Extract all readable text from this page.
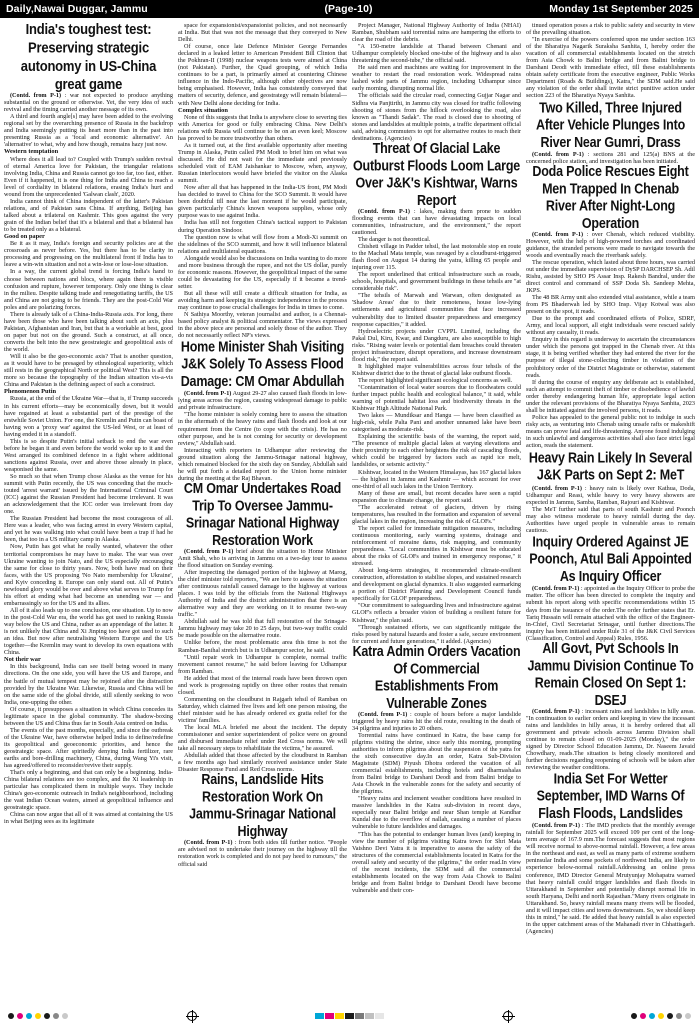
Daily,Nawai Duggar, Jammu	(Page-10)	Monday 1st September 2025
India's toughest test: Preserving strategic autonomy in US-China great game

(Contd. from P-1) : war not expected to produce anything substantial on the ground or otherwise. Yet, the very idea of such revival and the timing carried another message of its own.

A third and fourth angle[s] may have been added to the evolving regional set by the overarching presence of Russia in the backdrop and India seemingly putting its heart more than in the past into presenting Russia as a 'focal and economic alternative'. An 'alternative' to what, why and how though, remains hazy just now.

Western temptation

Where does it all lead to? Coupled with Trump's sudden revival of eternal America love for Pakistan, the triangular relations involving India, China and Russia cannot go too far, too fast, either. Even if it happened, it is one thing for India and China to reach a level of cordiality in bilateral relations, erasing India's hurt and wound from the unprecedented 'Galwan clash', 2020.

India cannot think of China independent of the latter's Pakistan relations, and of Pakistan sans China. If anything, Beijing has talked about a trilateral on Kashmir. This goes against the very grain of the Indian belief that it's a bilateral and that a bilateral has to be treated only as a bilateral.

Good on paper

Be it as it may, India's foreign and security policies are at the crossroads as never before. Yes, but there has to be clarity in processing and progressing on the multilateral front if India has to leave a win-win situation and not a win-lose or lose-lose situation.

In a way, the current global trend is forcing India's hand to choose between nations and blocs, where again there is visible confusion and rupture, however temporary. Only one thing is clear in the milieu. Despite talking trade and renegotiating tariffs, the US and China are not going to be friends. They are the post-Cold War poles and are polarizing forces.

There is already talk of a China-India-Russia axis. For long, there have been those who have been talking about such an axis, plus Pakistan, Afghanistan and Iran, but that is a workable at best, good on paper but not on the ground. Such a construct, at all once, converts the belt into the new geostrategic and geopolitical axis of the world.

Will it also be the geo-economic axis? That is another question, as it would have to be presaged by ethnological superiority, which still rests in the geographical North or political West? This is all the more so because the topography of the Indian situation vis-a-vis China and Pakistan is the defining aspect of such a construct.

Phenomenon Putin

Russia, at the end of the Ukraine War—that is, if Trump succeeds in his current efforts—may be economically down, but it would have regained at least a substantial part of the prestige of the erstwhile Soviet Union. For one, the Kremlin and Putin can boast of having won a 'proxy war' against the US-led West, or at least of having ended it in a standoff.

This is so despite Putin's initial setback to end the war even before he began it and even before the world woke up to it and the West arranged its combined defence in a fight where additional sanctions against Russia, over and above those already in place, weaponised the same.

So much so that when Trump chose Alaska as the venue for his summit with Putin recently, the US was conceding that the much-touted 'arrest warrant' issued by the International Criminal Court (ICC) against the Russian President had become irrelevant. It was an acknowledgement that the ICC order was irrelevant from day one.

The Russian President had become the most courageous of all. Here was a leader, who was facing arrest in every Western capital, and yet he was walking into what could have been a trap if had he been, that too in a US military camp in Alaska.

Now, Putin has got what he really wanted, whatever the other territorial compromises he may have to make. The war was over Ukraine wanting to join Nato, and the US especially encouraging the same for close to thirty years. Now, both have read on their faces, with the US proposing 'No Nato membership for Ukraine', and Kyiv conceding it. Europe can only stand out. All of Putin's newfound glory would be over and above what serves to Trump for his effort at ending what had become an unending war — and embarrassingly so for the US and its allies.

All of it also leads up to one conclusion, one situation. Up to now in the post-Cold War era, the world has got used to ranking Russia way below the US and China, rather as an appendage of the latter. It is not unlikely that China and Xi Jinping too have got used to such an idea. But now after neutralising Western Europe and the US together—the Kremlin may want to develop its own equations with China.

Not their war

In this background, India can see itself being wooed in many directions. On the one side, you will have the US and Europe, and the battle of mutual tempest may be rejoined after the distraction provided by the Ukraine War. Likewise, Russia and China will be on the same side of the global divide, still silently seeking to woo India, one-upping the other.

Of course, it presupposes a situation in which China concedes its legitimate space in the global community. The shadow-boxing between the US and China thus far in South Asia centred on India.

The events of the past months, especially, and since the outbreak of the Ukraine War, have otherwise helped India to define/redefine its geopolitical and geoeconomic priorities, and hence the geostrategic space. After spiritedly denying India fertilizer, rare earths and bore-drilling machinery, China, during Wang Yi's visit, has agreed/offered to reconsider/revive their supply.

That's only a beginning, and that can only be a beginning. India-China bilateral relations are too complex, and the Xi leadership in particular has complicated them in multiple ways. They include China's geo-economic outreach in India's neighbourhood, including the vast Indian Ocean waters, aimed at geopolitical influence and geostrategic space.

China can now argue that all of it was aimed at containing the US in what Beijing sees as its legitimate

space for expansionist/expansionist policies, and not necessarily at India. But that was not the message that they conveyed to New Delhi.

Of course, once late Defence Minister George Fernandes declared in a leaked letter to American President Bill Clinton that the Pokhran-II (1998) nuclear weapons tests were aimed at China (not Pakistan). Further, the Quad grouping, of which India continues to be a part, is primarily aimed at countering Chinese influence in the Indo-Pacific, although other objectives are now being emphasised. However, India has consistently conveyed that matters of security, defence, and geostrategy will remain bilateral—with New Delhi alone deciding for India.

Complex situation

None of this suggests that India is anywhere close to severing ties with America for good or fully embracing China. New Delhi's relations with Russia will continue to be on an even keel; Moscow has proved to be more trustworthy than others.

As it turned out, at the first available opportunity after meeting Trump in Alaska, Putin called PM Modi to brief him on what was discussed. He did not wait for the immediate and previously scheduled visit of EAM Jaishankar to Moscow, when, anyway, Russian interlocutors would have briefed the visitor on the Alaska summit.

Now after all that has happened in the India-US front, PM Modi has decided to travel to China for the SCO Summit. It would have been doubtful till near the last moment if he would participate, given particularly China's known weapons supplies, whose only purpose was to use against India.

India has still not forgotten China's tactical support to Pakistan during Operation Sindoor.

The question now is what will flow from a Modi-Xi summit on the sidelines of the SCO summit, and how it will influence bilateral relations and multilateral equations.

Alongside would also be discussions on India wanting to do more and more business through the rupee, and not the US dollar, purely for economic reasons. However, the geopolitical impact of the same could be devastating for the US, especially if it became a trend-setter.

But all these will still create a difficult situation for India, as avoiding harm and keeping its strategic independence in the process may continue to pose crucial challenges for India in times to come.

N Sathiya Moorthy, veteran journalist and author, is a Chennai-based policy analyst & political commentator. The views expressed in the above piece are personal and solely those of the author. They do not necessarily reflect NP's views.

Home Minister Shah Visiting J&K Solely To Assess Flood Damage: CM Omar Abdullah

(Contd. from P-1) August 29-27 also caused flash floods in low-lying areas across the region, causing widespread damage to public and private infrastructure.

"The home minister is solely coming here to assess the situation in the aftermath of the heavy rains and flash floods and look at our requirement from the Centre (to cope with the crisis). He has no other purpose, and he is not coming for security or development review," Abdullah said.

Interacting with reporters in Udhampur after reviewing the ground situation along the Jammu-Srinagar national highway, which remained blocked for the sixth day on Sunday, Abdullah said he will put forth a detailed report to the Union home minister during the meeting at the Raj Bhavan.

CM Omar Undertakes Road Trip To Oversee Jammu-Srinagar National Highway Restoration Work

(Contd. from P-1) brief about the situation to Home Minister Amit Shah, who is arriving in Jammu on a two-day tour to assess the flood situation on Sunday evening.

After inspecting the damaged portion of the highway at Marog, the chief minister told reporters, "We are here to assess the situation after continuous rainfall caused damage to the highway at various places. I was told by the officials from the National Highways Authority of India and the district administration that there is an alternative way and they are working on it to resume two-way traffic."

Abdullah said he was told that full restoration of the Srinagar-Jammu highway may take 20 to 25 days, but two-way traffic could be made possible on the alternative route.

Unlike before, the most problematic area this time is not the Ramban-Banihal stretch but is in Udhampur sector, he said.

"Until repair work in Udhampur is complete, normal traffic movement cannot resume," he said before leaving for Udhampur from Ramban.

He added that most of the internal roads have been thrown open and work is progressing rapidly on three other routes that remain closed.

Commenting on the cloudburst in Rajgarh tehsil of Ramban on Saturday, which claimed five lives and left one person missing, the chief minister said he has already ordered ex gratia relief for the victims' families.

The local MLA briefed me about the incident. The deputy commissioner and senior superintendent of police were on ground and disbursed immediate relief under Red Cross norms. We will take all necessary steps to rehabilitate the victims," he assured.

Abdullah added that those affected by the cloudburst in Ramban a few months ago had similarly received assistance under State Disaster Response Fund and Red Cross norms.

Rains, Landslide Hits Restoration Work On Jammu-Srinagar National Highway

(Contd. from P-1) : from both sides till further notice. "People are advised not to undertake their journey on the highway till the restoration work is completed and do not pay heed to rumours," the official said

Project Manager, National Highway Authority of India (NHAI) Ramban, Shubham said torrential rains are hampering the efforts to clear the road of the debris.

"A 150-metre landslide at Tharad between Chenani and Udhampur completely blocked one-tube of the highway and is also threatening the second-tube," the official said.

He said men and machines are waiting for improvement in the weather to restart the road restoration work. Widespread rains lashed wide parts of Jammu region, including Udhampur since early morning, disrupting normal life.

The officials said the circular road, connecting Gujjar Nagar and Sidhra via Panjtirthi, in Jammu city was closed for traffic following shooting of stones from the hillock overlooking the road, also known as "Thandi Sadak". The road is closed due to shooting of stones and landslides at multiple points, a traffic department official said, advising commuters to opt for alternative routes to reach their destinations. (Agencies)

Threat Of Glacial Lake Outburst Floods Loom Large Over J&K's Kishtwar, Warns Report

(Contd. from P-1) : lakes, making them prone to sudden flooding events that can have devastating impacts on local communities, infrastructure, and the environment," the report cautioned.

The danger is not theoretical.

Chisheti village in Padder tehsil, the last motorable stop en route to the Machail Mata temple, was ravaged by a cloudburst-triggered flash flood on August 14 during the yatra, killing 65 people and injuring over 115.

The report underlined that critical infrastructure such as roads, schools, hospitals, and government buildings in these tehsils are "at considerable risk".

"The tehsils of Marwah and Warwan, often designated as 'Shadow Areas' due to their remoteness, house low-lying settlements and agricultural communities that face increased vulnerability due to limited disaster preparedness and emergency response capacities," it added.

Hydroelectric projects under CVPPL Limited, including the Pakal Dul, Kiru, Kwar, and Dangduru, are also susceptible to high risks. "Rising water levels or potential dam breaches could threaten project infrastructure, disrupt operations, and increase downstream flood risk," the report said.

It highlighted major vulnerabilities across four tehsils of the Kishtwar district due to the threat of glacial lake outburst floods.

The report highlighted significant ecological concerns as well.

"Contamination of local water sources due to floodwaters could further impact public health and ecological balance," it said, while warning of potential habitat loss and biodiversity threats in the Kishtwar High Altitude National Park.

Two lakes — Mundiksar and Hangu — have been classified as high-risk, while Palta Pani and another unnamed lake have been categorised as moderate-risk.

Explaining the scientific basis of the warning, the report said, "The presence of multiple glacial lakes at varying elevations and their proximity to each other heightens the risk of cascading floods, which could be triggered by factors such as rapid ice melt, landslides, or seismic activity."

Kishtwar, located in the Western Himalayas, has 167 glacial lakes — the highest in Jammu and Kashmir — which account for over one-third of all such lakes in the Union Territory.

Many of these are small, but recent decades have seen a rapid expansion due to climate change, the report said.

"The accelerated retreat of glaciers, driven by rising temperatures, has resulted in the formation and expansion of several glacial lakes in the region, increasing the risk of GLOFs."

The report called for immediate mitigation measures, including continuous monitoring, early warning systems, drainage and reinforcement of moraine dams, risk mapping, and community preparedness. "Local communities in Kishtwar must be educated about the risks of GLOFs and trained in emergency response," it stressed.

About long-term strategies, it recommended climate-resilient construction, afforestation to stabilise slopes, and sustained research and development on glacial dynamics. It also suggested earmarking a portion of District Planning and Development Council funds specifically for GLOF preparedness.

"Our commitment to safeguarding lives and infrastructure against GLOF's reflects a broader vision of building a resilient future for Kishtwar," the plan said.

"Through sustained efforts, we can significantly mitigate the risks posed by natural hazards and foster a safe, secure environment for current and future generations," it added. (Agencies)

Katra Admin Orders Vacation Of Commercial Establishments From Vulnerable Zones

(Contd. from P-1) : couple of hours before a major landslide triggered by heavy rains hit the old route, resulting in the death of 34 pilgrims and injuries to 20 others.

Torrential rains have continued in Katra, the base camp for pilgrims visiting the shrine, since early this morning, prompting authorities to inform pilgrims about the suspension of the yatra for the sixth consecutive day.In an order, Katra Sub-Division Magistrate (SDM) Piyush Dhotra ordered the vacation of all commercial establishments, including hotels and dharmashalas from Balini bridge to Darshani Deodi and from Balini bridge to Asia Chowk in the vulnerable zones for the safety and security of the pilgrims.

"Heavy rains and inclement weather conditions have resulted in massive landslides in the Katra sub-division in recent days, especially near Balini bridge and near Shan temple at Kandhar Kundal due to the overflow of nallah, causing a number of places vulnerable to future landslides and damages.

"This has the potential to endanger human lives (and) keeping in view the number of pilgrims visiting Katra town for Shri Mata Vaishno Devi Yatra it is imperative to assess the safety of the structures of the commercial establishments located in Katra for the overall safety and security of the pilgrims," the order read.In view of the recent incidents, the SDM said all the commercial establishments located on the way from Asia Chowk to Balini bridge and from Balini bridge to Darshani Deodi have become vulnerable and their con-

tinued operation poses a risk to public safety and security in view of the prevailing situation.

"In exercise of the powers conferred upon me under section 163 of the Bharatiya Nagarik Suraksha Sanhita, I, hereby order the vacation of all commercial establishments located on the stretch from Asia Chowk to Balini bridge and from Balini bridge to Darshani Deodi with immediate effect, till these establishments obtain safety certificate from the executive engineer, Public Works Department (Roads & Buildings), Katra," the SDM said.He said any violation of the order shall invite strict punitive action under section 223 of the Bharatiya Nyaya Sanhita.

Two Killed, Three Injured After Vehicle Plunges Into River Near Gumri, Drass

(Contd. from P-1) : sections 281 and 125(a) BNS at the concerned police station, and investigation has been initiated.

Doda Police Rescues Eight Men Trapped In Chenab River After Night-Long Operation

(Contd. from P-1) : over Chenab, which reduced visibility. However, with the help of high-powered torches and coordinated guidance, the stranded persons were made to navigate towards the woods and eventually reach the riverbank safely.

The rescue operation, which lasted about three hours, was carried out under the immediate supervision of DySP DARCHSEP Sh. Adil Rishu, assisted by SHO PS Assar Insp. Rakesh Bandral, under the direct control and command of SSP Doda Sh. Sandeep Mehta, JKPS.

The 48 BR Army unit also extended vital assistance, while a team from PS Bhaderwah led by SHO Insp. Vijay Kotwal was also present on the spot, it reads.

Due to the prompt and coordinated efforts of Police, SDRF, Army, and local support, all eight individuals were rescued safely without any casualty, it reads.

Enquiry in this regard is underway to ascertain the circumstances under which the persons got trapped in the Chenab river. At this stage, it is being verified whether they had entered the river for the purpose of illegal stone-collecting timber in violation of the prohibitory order of the District Magistrate or otherwise, statement reads.

If during the course of enquiry any deliberate act is established, such an attempt to commit theft of timber or disobedience of lawful order thereby endangering human life, appropriate legal action under the relevant provisions of the Bharatiya Nyaya Sanhita, 2023 shall be initiated against the involved persons, it reads.

Police has appealed to the general public not to indulge in such risky acts, as venturing into Chenab using unsafe rafts or makeshift means can prove fatal and life-threatening. Anyone found indulging in such unlawful and dangerous activities shall also face strict legal action, reads the statement.

Heavy Rain Likely In Several J&K Parts on Sept 2: MeT

(Contd. from P-1) : heavy rain is likely over Kathua, Doda, Udhampur and Reasi, while heavy to very heavy showers are expected in Jammu, Samba, Ramban, Rajouri and Kishtwar.

The MeT further said that parts of south Kashmir and Poonch may also witness moderate to heavy rainfall during the day. Authorities have urged people in vulnerable areas to remain cautious.

Inquiry Ordered Against JE Poonch, Atul Bali Appointed As Inquiry Officer

(Contd. from P-1) : appointed as the Inquiry Officer to probe the matter. The officer has been directed to complete the inquiry and submit his report along with specific recommendations within 15 days from the issuance of the order.The order further states that Er. Tariq Hussain will remain attached with the office of the Engineer-in-Chief, Civil Secretariat Srinagar, until further directions.The inquiry has been initiated under Rule 31 of the J&K Civil Services (Classification, Control and Appeal) Rules, 1956.

All Govt, Pvt Schools In Jammu Division Continue To Remain Closed On Sept 1: DSEJ

(Contd. from P-1) : incessant rains and landslides in hilly areas. "In continuation to earlier orders and keeping in view the incessant rains and landslides in hilly areas, it is hereby ordered that all government and private schools across Jammu Division shall continue to remain closed on 01-09-2025 (Monday)," the order signed by Director School Education Jammu, Dr. Naseem Javaid Chowdhary, reads.The situation is being closely monitored and further decisions regarding reopening of schools will be taken after reviewing the weather conditions.

India Set For Wetter September, IMD Warns Of Flash Floods, Landslides

(Contd. from P-1) : The IMD predicts that the monthly average rainfall for September 2025 will exceed 109 per cent of the long-term average of 167.9 mm.The forecast suggests that most regions will receive normal to above-normal rainfall. However, a few areas in the northeast and east, as well as many parts of extreme southern peninsular India and some pockets of northwest India, are likely to experience below-normal rainfall.Addressing an online press conference, IMD Director General Mrutyunjay Mohapatra warned that heavy rainfall could trigger landslides and flash floods in Uttarakhand in September and potentially disrupt normal life in south Haryana, Delhi and north Rajasthan."Many rivers originate in Uttarakhand. So, heavy rainfall means many rivers will be flooded, and it will impact cities and towns downstream. So, we should keep this in mind," he said. He added that heavy rainfall is also expected in the upper catchment areas of the Mahanadi river in Chhattisgarh. (Agencies)
